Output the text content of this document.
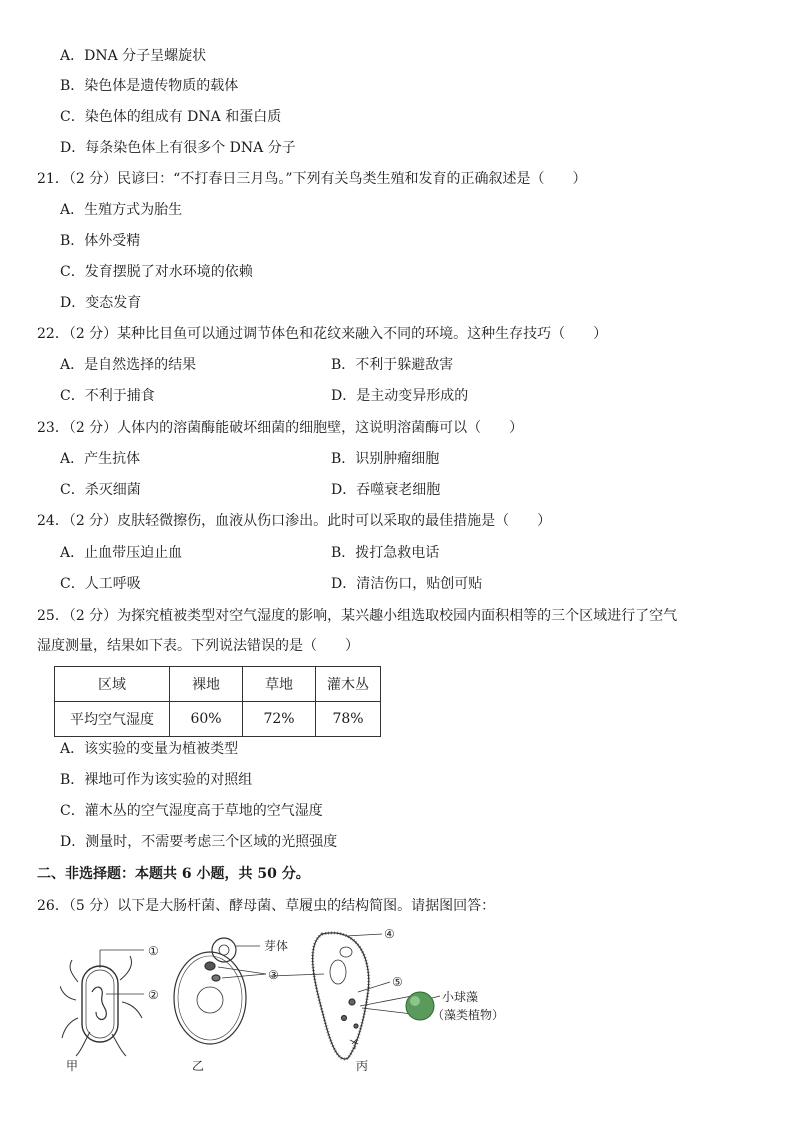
A．DNA 分子呈螺旋状
B．染色体是遗传物质的载体
C．染色体的组成有 DNA 和蛋白质
D．每条染色体上有很多个 DNA 分子
21．（2 分）民谚曰：“不打春日三月鸟。”下列有关鸟类生殖和发育的正确叙述是（　　）
A．生殖方式为胎生
B．体外受精
C．发育摆脱了对水环境的依赖
D．变态发育
22．（2 分）某种比目鱼可以通过调节体色和花纹来融入不同的环境。这种生存技巧（　　）
A．是自然选择的结果	B．不利于躲避敌害
C．不利于捕食	D．是主动变异形成的
23．（2 分）人体内的溶菌酶能破坏细菌的细胞壁，这说明溶菌酶可以（　　）
A．产生抗体	B．识别肿瘤细胞
C．杀灭细菌	D．吞噬衰老细胞
24．（2 分）皮肤轻微擦伤，血液从伤口渗出。此时可以采取的最佳措施是（　　）
A．止血带压迫止血	B．拨打急救电话
C．人工呼吸	D．清洁伤口，贴创可贴
25．（2 分）为探究植被类型对空气湿度的影响，某兴趣小组选取校园内面积相等的三个区域进行了空气
湿度测量，结果如下表。下列说法错误的是（　　）
区域	裸地	草地	灌木丛
平均空气湿度	60%	72%	78%
A．该实验的变量为植被类型
B．裸地可作为该实验的对照组
C．灌木丛的空气湿度高于草地的空气湿度
D．测量时，不需要考虑三个区域的光照强度
二、非选择题：本题共 6 小题，共 50 分。
26．（5 分）以下是大肠杆菌、酵母菌、草履虫的结构简图。请据图回答：
①
②
甲
芽体
③
乙
④
⑤
小球藻
（藻类植物）
丙
